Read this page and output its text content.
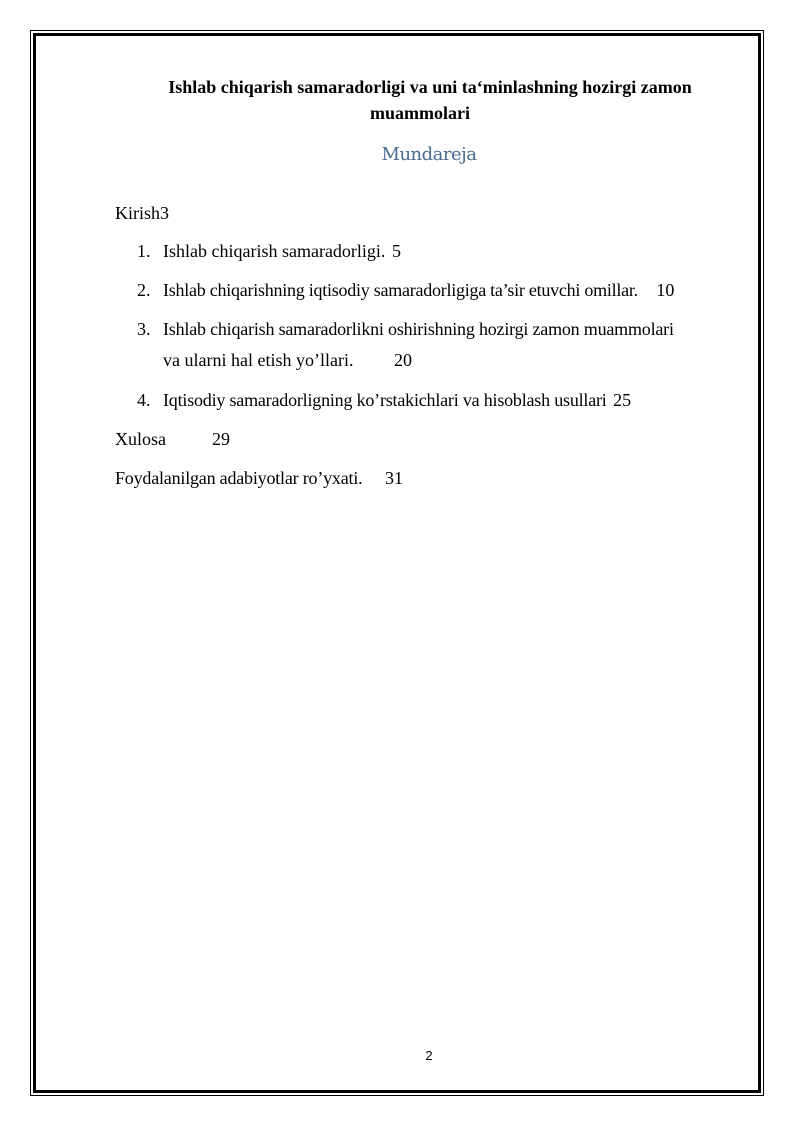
Ishlab chiqarish samaradorligi va uni ta‘minlashning hozirgi zamon
muammolari
Mundareja
Kirish3
1. Ishlab chiqarish samaradorligi. 5
2. Ishlab chiqarishning iqtisodiy samaradorligiga ta’sir etuvchi omillar. 10
3. Ishlab chiqarish samaradorlikni oshirishning hozirgi zamon muammolari
va ularni hal etish yo’llari. 20
4. Iqtisodiy samaradorligning ko’rstakichlari va hisoblash usullari 25
Xulosa	29
Foydalanilgan adabiyotlar ro’yxati. 31
2
